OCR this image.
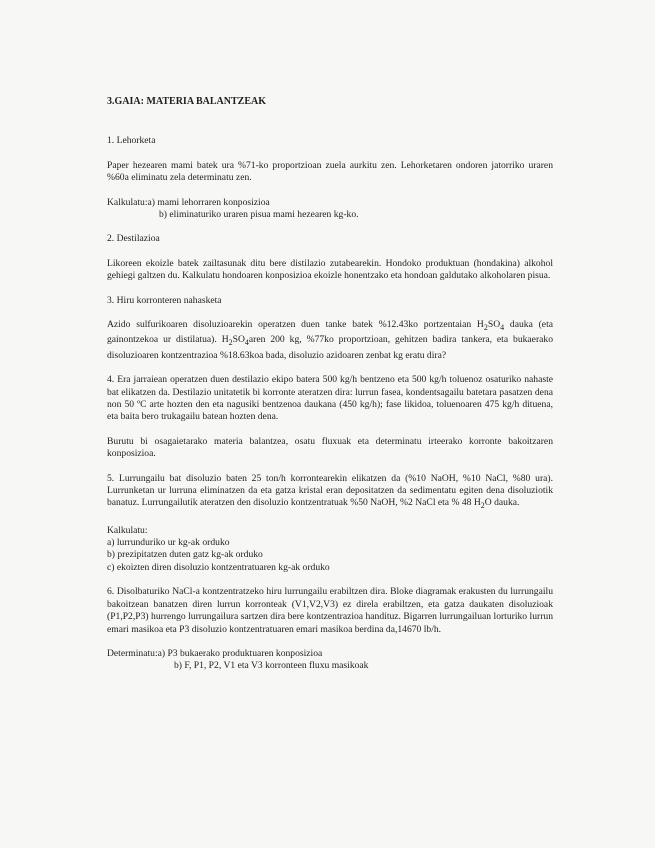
3.GAIA: MATERIA BALANTZEAK
1. Lehorketa

Paper hezearen mami batek ura %71-ko proportzioan zuela aurkitu zen. Lehorketaren ondoren jatorriko uraren %60a eliminatu zela determinatu zen.

Kalkulatu: a) mami lehorraren konposizioa
b) eliminaturiko uraren pisua mami hezearen kg-ko.
2. Destilazioa

Likoreen ekoizle batek zailtasunak ditu bere distilazio zutabearekin. Hondoko produktuan (hondakina) alkohol gehiegi galtzen du. Kalkulatu hondoaren konposizioa ekoizle honentzako eta hondoan galdutako alkoholaren pisua.

3. Hiru korronteren nahasketa

Azido sulfurikoaren disoluzioarekin operatzen duen tanke batek %12.43ko portzentaian $H_2SO_4$ dauka (eta gainontzekoa ur distilatua). $H_2SO_4aren$ 200 kg, %77ko proportzioan, gehitzen badira tankera, eta bukaerako disoluzioaren kontzentrazioa %18.63koa bada, disoluzio azidoaren zenbat kg eratu dira?

4. Era jarraiean operatzen duen destilazio ekipo batera 500 kg/h bentzeno eta 500 kg/h toluenoz osaturiko nahaste bat elikatzen da. Destilazio unitatetik bi korronte ateratzen dira: lurrun fasea, kondentsagailu batetara pasatzen dena non 50 ºC arte hozten den eta nagusiki bentzenoa daukana (450 kg/h); fase likidoa, toluenoaren 475 kg/h dituena, eta baita bero trukagailu batean hozten dena.

Burutu bi osagaietarako materia balantzea, osatu fluxuak eta determinatu irteerako korronte bakoitzaren konposizioa.

5. Lurrungailu bat disoluzio baten 25 ton/h korrontearekin elikatzen da (%10 NaOH, %10 NaCl, %80 ura). Lurrunketan ur lurruna eliminatzen da eta gatza kristal eran depositatzen da sedimentatu egiten dena disoluziotik banatuz. Lurrungailutik ateratzen den disoluzio kontzentratuak %50 NaOH, %2 NaCl eta % 48 $H_2O$ dauka.

Kalkulatu:
a) lurrunduriko ur kg-ak orduko
b) prezipitatzen duten gatz kg-ak orduko
c) ekoizten diren disoluzio kontzentratuaren kg-ak orduko

6. Disolbaturiko NaCl-a kontzentratzeko hiru lurrungailu erabiltzen dira. Bloke diagramak erakusten du lurrungailu bakoitzean banatzen diren lurrun korronteak (V1,V2,V3) ez direla erabiltzen, eta gatza daukaten disoluzioak (P1,P2,P3) hurrengo lurrungailura sartzen dira bere kontzentrazioa handituz. Bigarren lurrungailuan lorturiko lurrun emari masikoa eta P3 disoluzio kontzentratuaren emari masikoa berdina da,14670 lb/h.

Determinatu: a) P3 bukaerako produktuaren konposizioa
b) F, P1, P2, V1 eta V3 korronteen fluxu masikoak
